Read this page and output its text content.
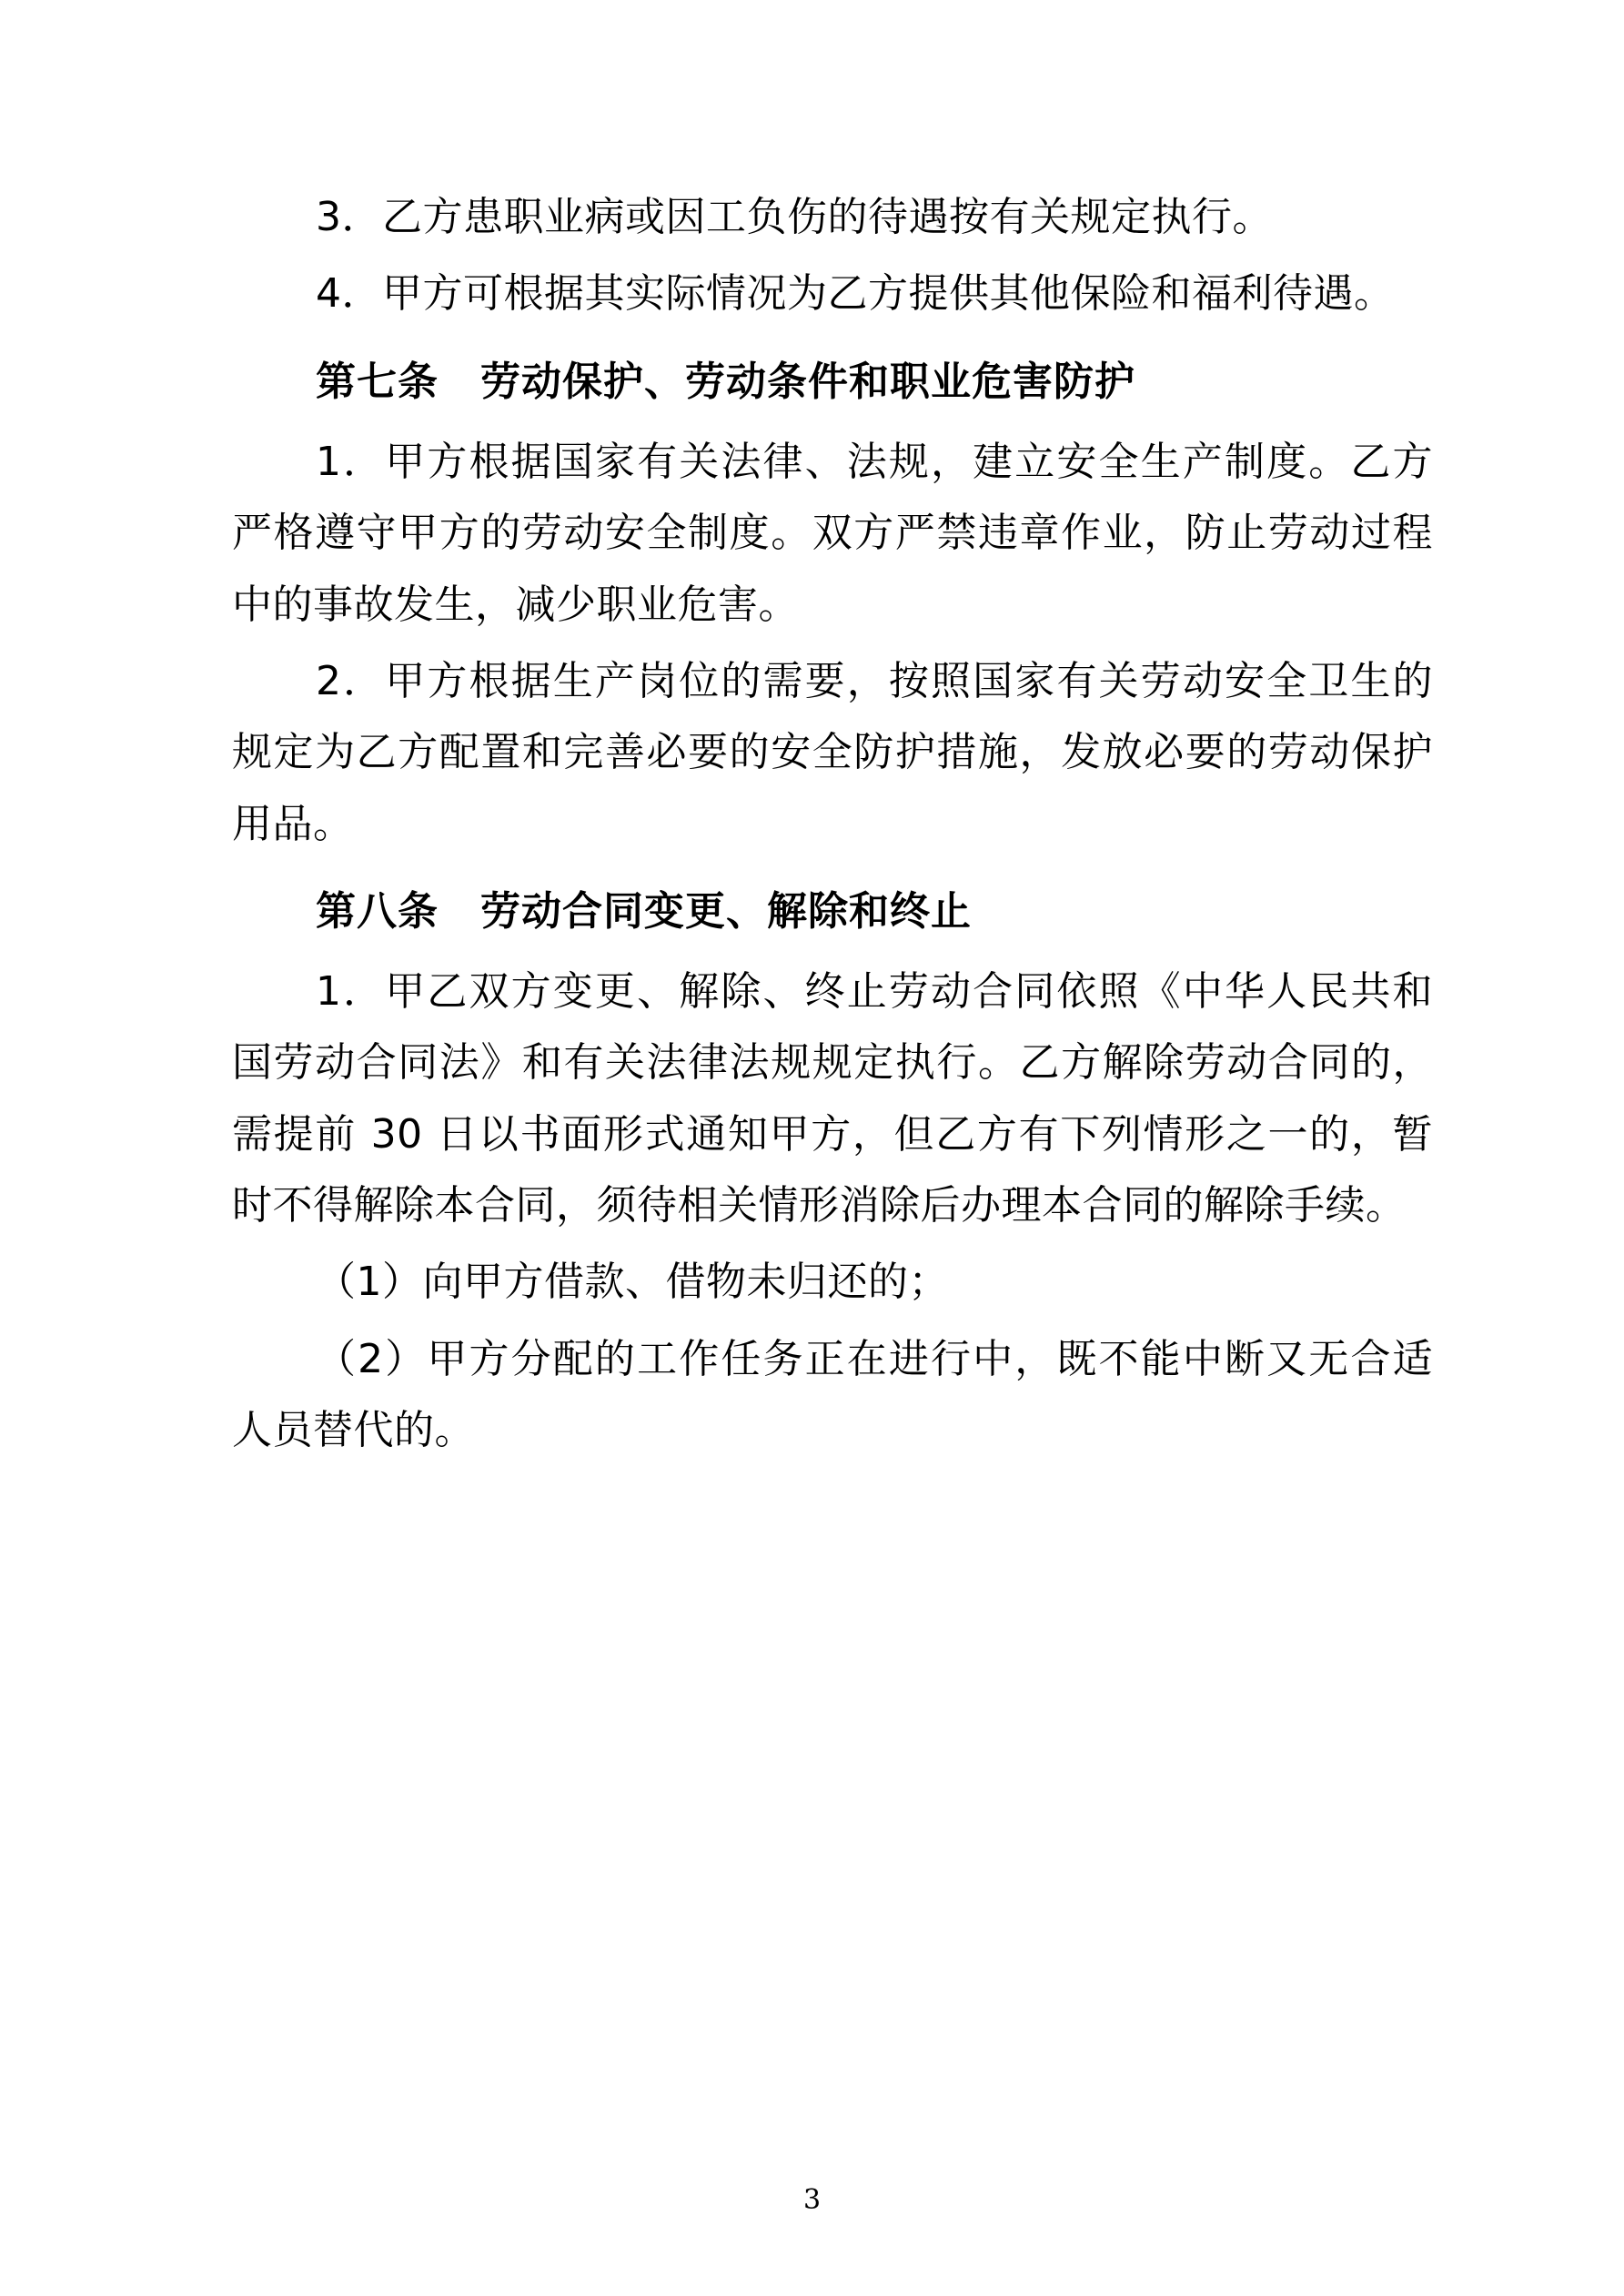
3．乙方患职业病或因工负伤的待遇按有关规定执行。

4．甲方可根据其实际情况为乙方提供其他保险和福利待遇。

第七条 劳动保护、劳动条件和职业危害防护

1．甲方根据国家有关法律、法规，建立安全生产制度。乙方严格遵守甲方的劳动安全制度。双方严禁违章作业，防止劳动过程中的事故发生，减少职业危害。

2．甲方根据生产岗位的需要，按照国家有关劳动安全卫生的规定为乙方配置和完善必要的安全防护措施，发放必要的劳动保护用品。

第八条 劳动合同变更、解除和终止

1．甲乙双方变更、解除、终止劳动合同依照《中华人民共和国劳动合同法》和有关法律法规规定执行。乙方解除劳动合同的，需提前 30 日以书面形式通知甲方，但乙方有下列情形之一的，暂时不得解除本合同，须待相关情形消除后办理本合同的解除手续。

（1）向甲方借款、借物未归还的；

（2）甲方分配的工作任务正在进行中，既不能中断又无合适人员替代的。

3
